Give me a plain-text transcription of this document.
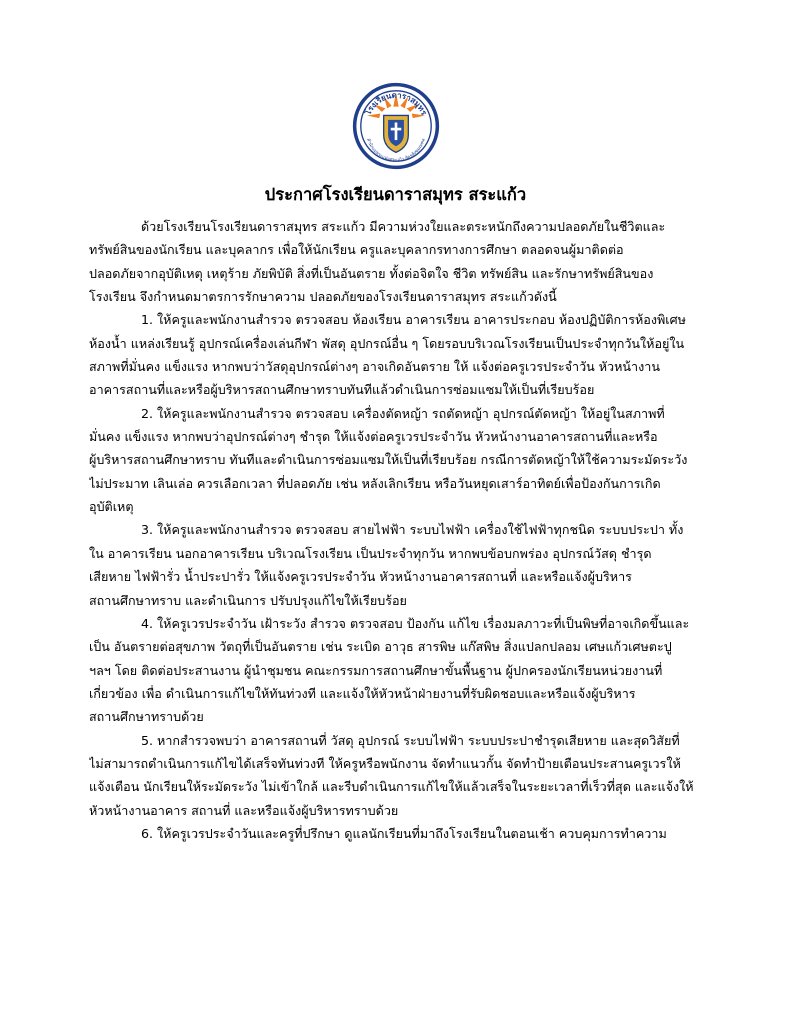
โรงเรียนดาราสมุทร
สำนักแม่พระแห่งสระแก้ว อัครสังฆมณฑล
ประกาศโรงเรียนดาราสมุทร สระแก้ว
ด้วยโรงเรียนโรงเรียนดาราสมุทร สระแก้ว มีความห่วงใยและตระหนักถึงความปลอดภัยในชีวิตและ
ทรัพย์สินของนักเรียน และบุคลากร เพื่อให้นักเรียน ครูและบุคลากรทางการศึกษา ตลอดจนผู้มาติดต่อ
ปลอดภัยจากอุบัติเหตุ เหตุร้าย ภัยพิบัติ สิ่งที่เป็นอันตราย ทั้งต่อจิตใจ ชีวิต ทรัพย์สิน และรักษาทรัพย์สินของ
โรงเรียน จึงกำหนดมาตรการรักษาความ ปลอดภัยของโรงเรียนดาราสมุทร สระแก้วดังนี้
1. ให้ครูและพนักงานสำรวจ ตรวจสอบ ห้องเรียน อาคารเรียน อาคารประกอบ ห้องปฏิบัติการห้องพิเศษ
ห้องน้ำ แหล่งเรียนรู้ อุปกรณ์เครื่องเล่นกีฬา พัสดุ อุปกรณ์อื่น ๆ โดยรอบบริเวณโรงเรียนเป็นประจำทุกวันให้อยู่ใน
สภาพที่มั่นคง แข็งแรง หากพบว่าวัสดุอุปกรณ์ต่างๆ อาจเกิดอันตราย ให้ แจ้งต่อครูเวรประจำวัน หัวหน้างาน
อาคารสถานที่และหรือผู้บริหารสถานศึกษาทราบทันทีแล้วดำเนินการซ่อมแซมให้เป็นที่เรียบร้อย
2. ให้ครูและพนักงานสำรวจ ตรวจสอบ เครื่องตัดหญ้า รถตัดหญ้า อุปกรณ์ตัดหญ้า ให้อยู่ในสภาพที่
มั่นคง แข็งแรง หากพบว่าอุปกรณ์ต่างๆ ชำรุด ให้แจ้งต่อครูเวรประจำวัน หัวหน้างานอาคารสถานที่และหรือ
ผู้บริหารสถานศึกษาทราบ ทันทีและดำเนินการซ่อมแซมให้เป็นที่เรียบร้อย กรณีการตัดหญ้าให้ใช้ความระมัดระวัง
ไม่ประมาท เลินเล่อ ควรเลือกเวลา ที่ปลอดภัย เช่น หลังเลิกเรียน หรือวันหยุดเสาร์อาทิตย์เพื่อป้องกันการเกิด
อุบัติเหตุ
3. ให้ครูและพนักงานสำรวจ ตรวจสอบ สายไฟฟ้า ระบบไฟฟ้า เครื่องใช้ไฟฟ้าทุกชนิด ระบบประปา ทั้ง
ใน อาคารเรียน นอกอาคารเรียน บริเวณโรงเรียน เป็นประจำทุกวัน หากพบข้อบกพร่อง อุปกรณ์วัสดุ ชำรุด
เสียหาย ไฟฟ้ารั่ว น้ำประปารั่ว ให้แจ้งครูเวรประจำวัน หัวหน้างานอาคารสถานที่ และหรือแจ้งผู้บริหาร
สถานศึกษาทราบ และดำเนินการ ปรับปรุงแก้ไขให้เรียบร้อย
4. ให้ครูเวรประจำวัน เฝ้าระวัง สำรวจ ตรวจสอบ ป้องกัน แก้ไข เรื่องมลภาวะที่เป็นพิษที่อาจเกิดขึ้นและ
เป็น อันตรายต่อสุขภาพ วัตถุที่เป็นอันตราย เช่น ระเบิด อาวุธ สารพิษ แก๊สพิษ สิ่งแปลกปลอม เศษแก้วเศษตะปู
ฯลฯ โดย ติดต่อประสานงาน ผู้นำชุมชน คณะกรรมการสถานศึกษาขั้นพื้นฐาน ผู้ปกครองนักเรียนหน่วยงานที่
เกี่ยวข้อง เพื่อ ดำเนินการแก้ไขให้ทันท่วงที และแจ้งให้หัวหน้าฝ่ายงานที่รับผิดชอบและหรือแจ้งผู้บริหาร
สถานศึกษาทราบด้วย
5. หากสำรวจพบว่า อาคารสถานที่ วัสดุ อุปกรณ์ ระบบไฟฟ้า ระบบประปาชำรุดเสียหาย และสุดวิสัยที่
ไม่สามารถดำเนินการแก้ไขได้เสร็จทันท่วงที ให้ครูหรือพนักงาน จัดทำแนวกั้น จัดทำป้ายเตือนประสานครูเวรให้
แจ้งเตือน นักเรียนให้ระมัดระวัง ไม่เข้าใกล้ และรีบดำเนินการแก้ไขให้แล้วเสร็จในระยะเวลาที่เร็วที่สุด และแจ้งให้
หัวหน้างานอาคาร สถานที่ และหรือแจ้งผู้บริหารทราบด้วย
6. ให้ครูเวรประจำวันและครูที่ปรึกษา ดูแลนักเรียนที่มาถึงโรงเรียนในตอนเช้า ควบคุมการทำความ
